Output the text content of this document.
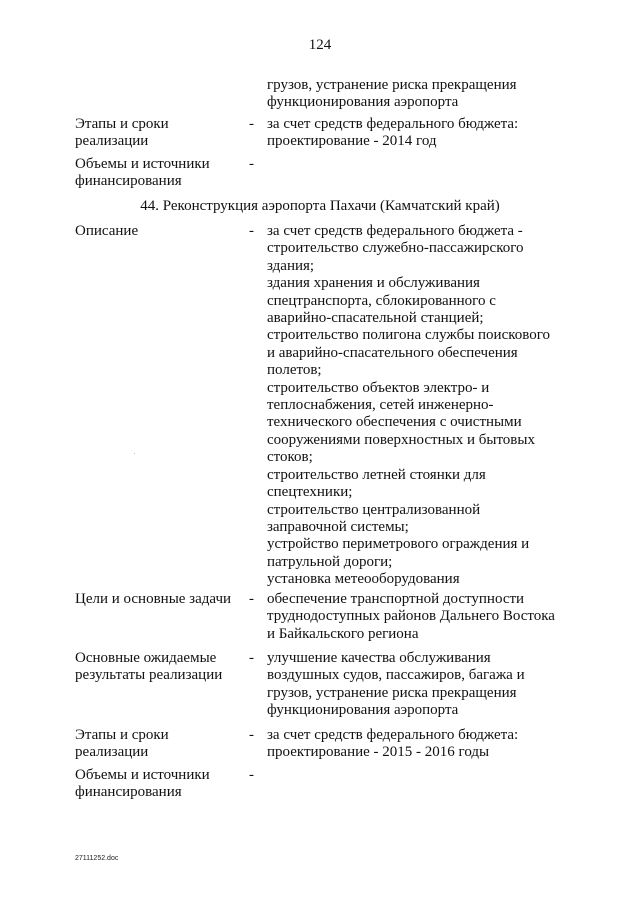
124
грузов, устранение риска прекращения
функционирования аэропорта
Этапы и сроки
реализации
- за счет средств федерального бюджета:
проектирование - 2014 год
Объемы и источники
финансирования
-
44. Реконструкция аэропорта Пахачи (Камчатский край)
Описание	- за счет средств федерального бюджета -
строительство служебно-пассажирского
здания;
здания хранения и обслуживания
спецтранспорта, сблокированного с
аварийно-спасательной станцией;
строительство полигона службы поискового
и аварийно-спасательного обеспечения
полетов;
строительство объектов электро- и
теплоснабжения, сетей инженерно-
технического обеспечения с очистными
сооружениями поверхностных и бытовых
стоков;
строительство летней стоянки для
спецтехники;
строительство централизованной
заправочной системы;
устройство периметрового ограждения и
патрульной дороги;
установка метеооборудования
Цели и основные задачи	- обеспечение транспортной доступности
труднодоступных районов Дальнего Востока
и Байкальского региона
Основные ожидаемые
результаты реализации
- улучшение качества обслуживания
воздушных судов, пассажиров, багажа и
грузов, устранение риска прекращения
функционирования аэропорта
Этапы и сроки
реализации
- за счет средств федерального бюджета:
проектирование - 2015 - 2016 годы
Объемы и источники
финансирования
-
27111252.doc
